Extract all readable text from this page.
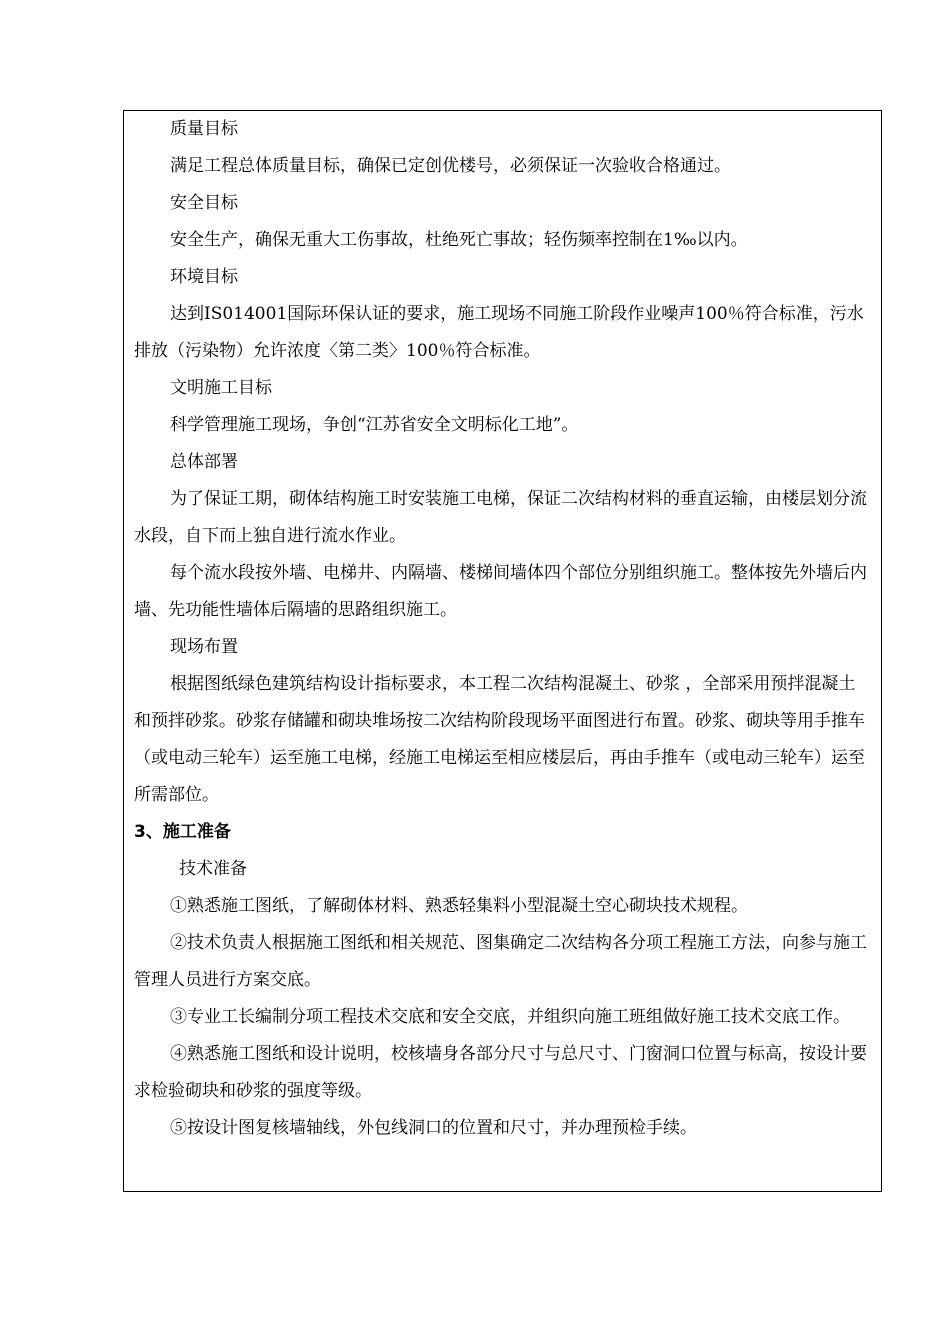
质量目标

满足工程总体质量目标，确保已定创优楼号，必须保证一次验收合格通过。

安全目标

安全生产，确保无重大工伤事故，杜绝死亡事故；轻伤频率控制在1‰以内。

环境目标

达到IS014001国际环保认证的要求，施工现场不同施工阶段作业噪声100％符合标准，污水排放（污染物）允许浓度〈第二类〉100％符合标准。

文明施工目标

科学管理施工现场，争创“江苏省安全文明标化工地”。

总体部署

为了保证工期，砌体结构施工时安装施工电梯，保证二次结构材料的垂直运输，由楼层划分流水段，自下而上独自进行流水作业。

每个流水段按外墙、电梯井、内隔墙、楼梯间墙体四个部位分别组织施工。整体按先外墙后内墙、先功能性墙体后隔墙的思路组织施工。

现场布置

根据图纸绿色建筑结构设计指标要求，本工程二次结构混凝土、砂浆 ，全部采用预拌混凝土和预拌砂浆。砂浆存储罐和砌块堆场按二次结构阶段现场平面图进行布置。砂浆、砌块等用手推车（或电动三轮车）运至施工电梯，经施工电梯运至相应楼层后，再由手推车（或电动三轮车）运至所需部位。

3、施工准备

技术准备

①熟悉施工图纸，了解砌体材料、熟悉轻集料小型混凝土空心砌块技术规程。

②技术负责人根据施工图纸和相关规范、图集确定二次结构各分项工程施工方法，向参与施工管理人员进行方案交底。

③专业工长编制分项工程技术交底和安全交底，并组织向施工班组做好施工技术交底工作。

④熟悉施工图纸和设计说明，校核墙身各部分尺寸与总尺寸、门窗洞口位置与标高，按设计要求检验砌块和砂浆的强度等级。

⑤按设计图复核墙轴线，外包线洞口的位置和尺寸，并办理预检手续。
